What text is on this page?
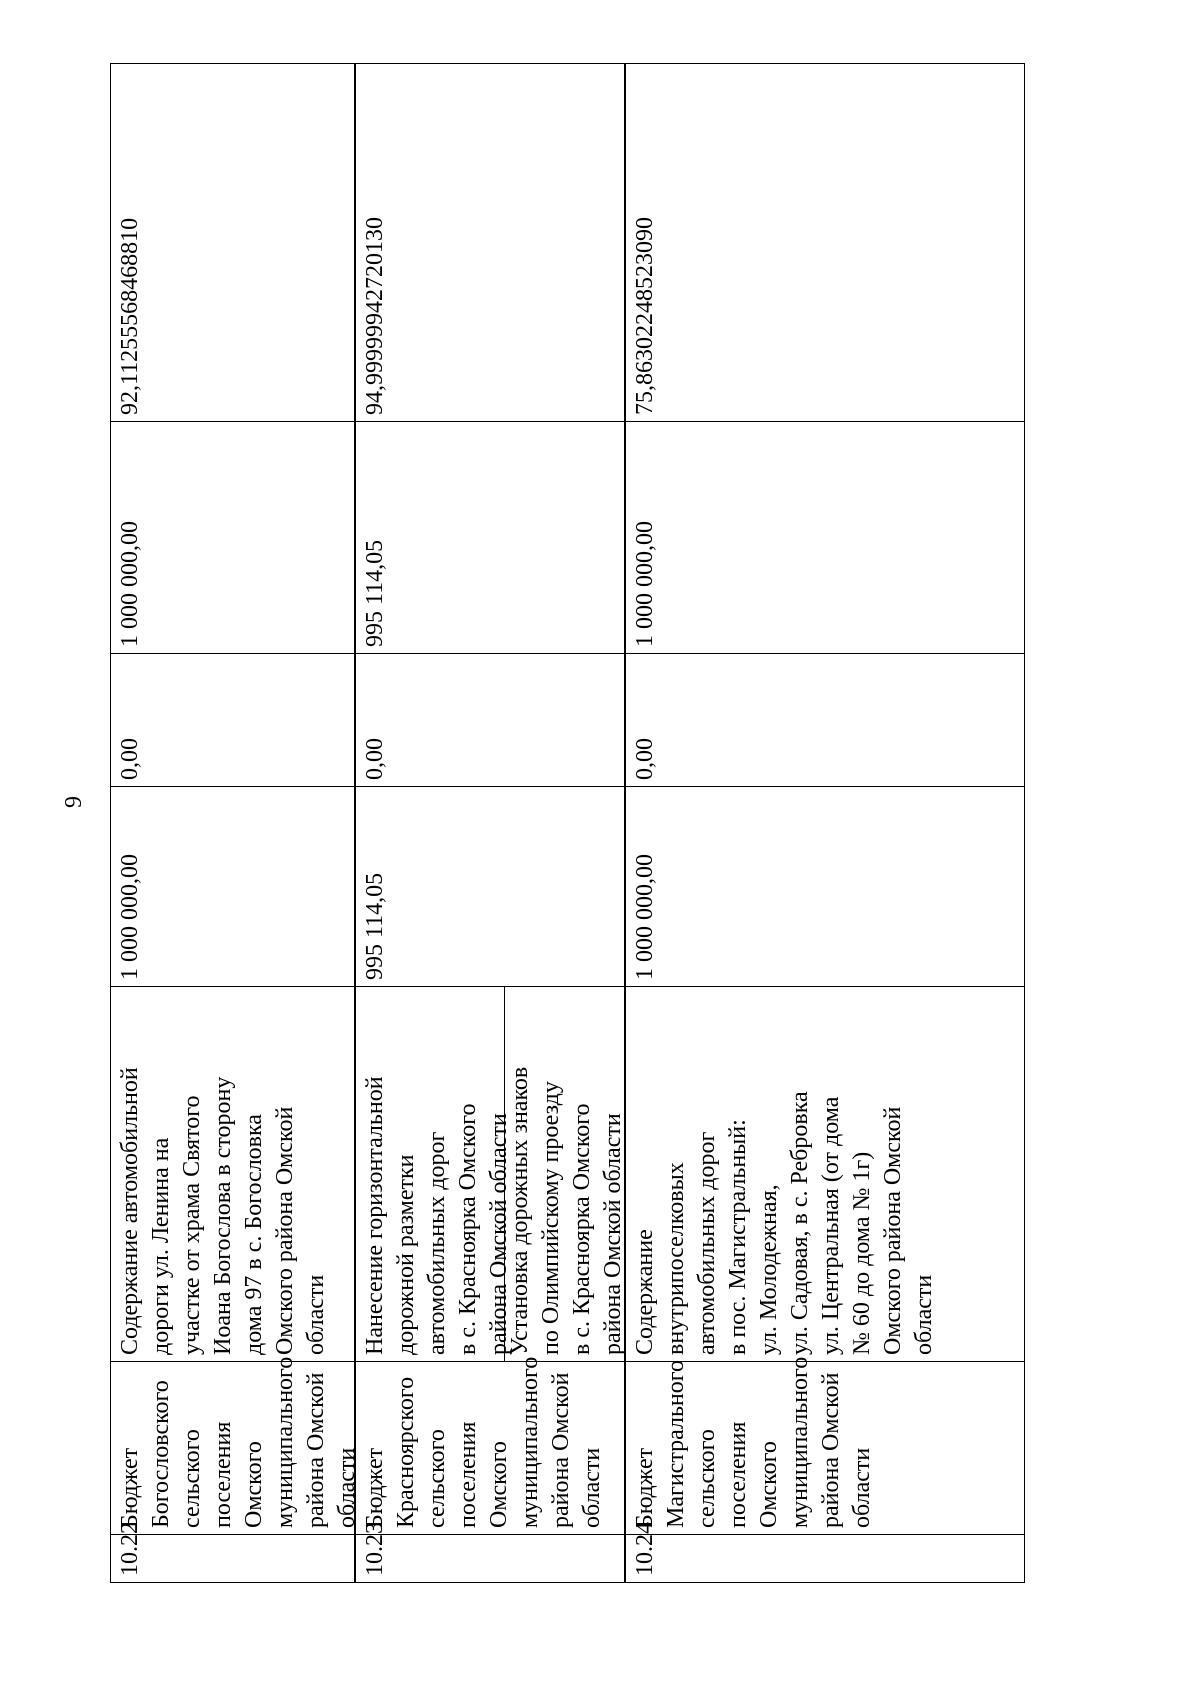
9
10.22
Бюджет Богословского сельского поселения Омского муниципального района Омской области
Содержание автомобильной дороги ул. Ленина на участке от храма Святого Иоана Богослова в сторону дома 97 в с. Богословка Омского района Омской области
1 000 000,00
0,00
1 000 000,00
92,1125556846881​0
10.23
Бюджет Красноярского сельского поселения Омского муниципального района Омской области
Нанесение горизонтальной дорожной разметки автомобильных дорог в с. Красноярка Омского района Омской области
Установка дорожных знаков по Олимпийскому проезду в с. Красноярка Омского района Омской области
995 114,05
0,00
995 114,05
94,99999942720130
10.24
Бюджет Магистрального сельского поселения Омского муниципального района Омской области
Содержание внутрипоселковых автомобильных дорог в пос. Магистральный: ул. Молодежная, ул. Садовая, в с. Ребровка ул. Центральная (от дома № 60 до дома № 1г) Омского района Омской области
1 000 000,00
0,00
1 000 000,00
75,86302248523090
